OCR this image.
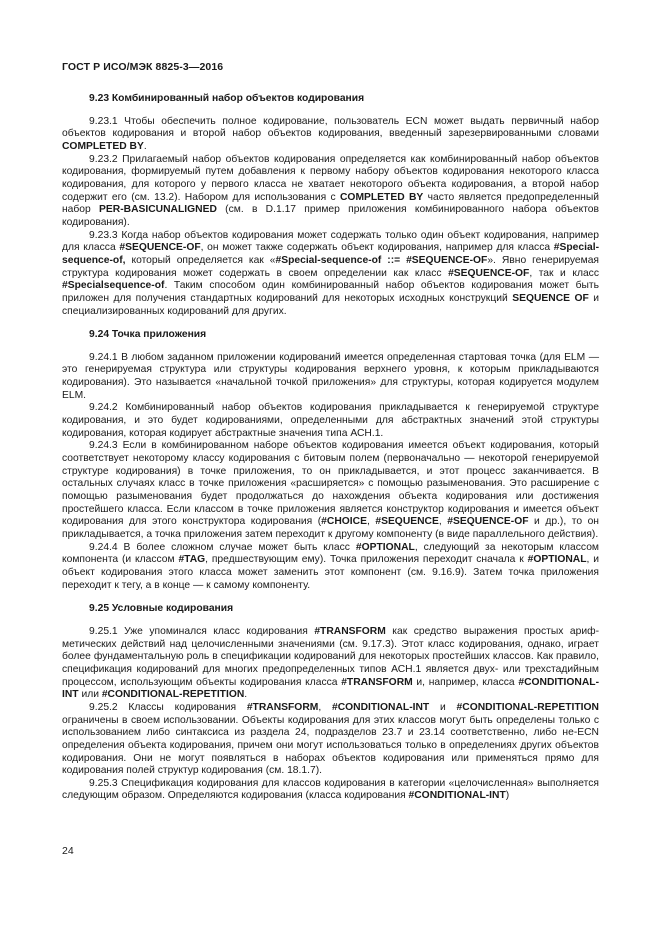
ГОСТ Р ИСО/МЭК 8825-3—2016
9.23 Комбинированный набор объектов кодирования

9.23.1 Чтобы обеспечить полное кодирование, пользователь ECN может выдать первичный набор объектов кодирования и второй набор объектов кодирования, введенный зарезервированными словами COMPLETED BY.

9.23.2 Прилагаемый набор объектов кодирования определяется как комбинированный набор объектов кодирования, формируемый путем добавления к первому набору объектов кодирования некоторого класса кодирования, для которого у первого класса не хватает некоторого объекта кодирования, а второй набор содержит его (см. 13.2). Набором для использования с COMPLETED BY часто является предопределенный набор PER-BASICUNALIGNED (см. в D.1.17 пример приложения комбинированного набора объектов кодирования).

9.23.3 Когда набор объектов кодирования может содержать только один объект кодирования, например для класса #SEQUENCE-OF, он может также содержать объект кодирования, например для класса #Special-sequence-of, который определяется как «#Special-sequence-of ::= #SEQUENCE-OF». Явно генерируемая структура кодирования может содержать в своем определении как класс #SEQUENCE-OF, так и класс #Specialsequence-of. Таким способом один комбинированный набор объектов кодирования может быть приложен для получения стандартных кодирований для некоторых исходных конструкций SEQUENCE OF и специализированных кодирований для других.

9.24 Точка приложения

9.24.1 В любом заданном приложении кодирований имеется определенная стартовая точка (для ELM — это генерируемая структура или структуры кодирования верхнего уровня, к которым прикладываются кодирования). Это называется «начальной точкой приложения» для структуры, которая кодируется модулем ELM.

9.24.2 Комбинированный набор объектов кодирования прикладывается к генерируемой структуре кодирования, и это будет кодированиями, определенными для абстрактных значений этой структуры кодирования, которая кодирует абстрактные значения типа АСН.1.

9.24.3 Если в комбинированном наборе объектов кодирования имеется объект кодирования, который соответствует некоторому классу кодирования с битовым полем (первоначально — некоторой генерируемой структуре кодирования) в точке приложения, то он прикладывается, и этот процесс заканчивается. В остальных случаях класс в точке приложения «расширяется» с помощью разыменования. Это расширение с помощью разыменования будет продолжаться до нахождения объекта кодирования или достижения простейшего класса. Если классом в точке приложения является конструктор кодирования и имеется объект кодирования для этого конструктора кодирования (#CHOICE, #SEQUENCE, #SEQUENCE-OF и др.), то он прикладывается, а точка приложения затем переходит к другому компоненту (в виде параллельного действия).

9.24.4 В более сложном случае может быть класс #OPTIONAL, следующий за некоторым классом компонента (и классом #TAG, предшествующим ему). Точка приложения переходит сначала к #OPTIONAL, и объект кодирования этого класса может заменить этот компонент (см. 9.16.9). Затем точка приложения переходит к тегу, а в конце — к самому компоненту.

9.25 Условные кодирования

9.25.1 Уже упоминался класс кодирования #TRANSFORM как средство выражения простых арифметических действий над целочисленными значениями (см. 9.17.3). Этот класс кодирования, однако, играет более фундаментальную роль в спецификации кодирований для некоторых простейших классов. Как правило, спецификация кодирований для многих предопределенных типов АСН.1 является двух- или трехстадийным процессом, использующим объекты кодирования класса #TRANSFORM и, например, класса #CONDITIONAL-INT или #CONDITIONAL-REPETITION.

9.25.2 Классы кодирования #TRANSFORM, #CONDITIONAL-INT и #CONDITIONAL-REPETITION ограничены в своем использовании. Объекты кодирования для этих классов могут быть определены только с использованием либо синтаксиса из раздела 24, подразделов 23.7 и 23.14 соответственно, либо не-ECN определения объекта кодирования, причем они могут использоваться только в определениях других объектов кодирования. Они не могут появляться в наборах объектов кодирования или применяться прямо для кодирования полей структур кодирования (см. 18.1.7).

9.25.3 Спецификация кодирования для классов кодирования в категории «целочисленная» выполняется следующим образом. Определяются кодирования (класса кодирования #CONDITIONAL-INT)

24
